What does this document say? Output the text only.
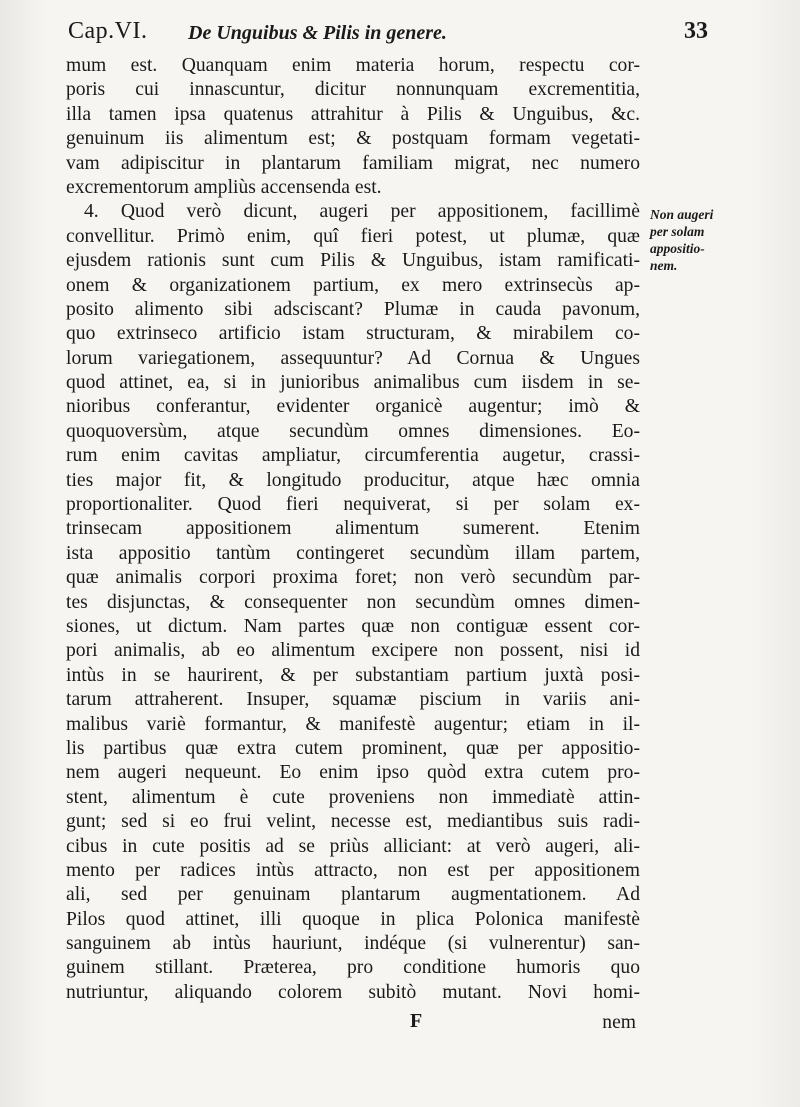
Cap.VI. De Unguibus & Pilis in genere.	33
mum est. Quanquam enim materia horum, respectu cor-
poris cui innascuntur, dicitur nonnunquam excrementitia,
illa tamen ipsa quatenus attrahitur à Pilis & Unguibus, &c.
genuinum iis alimentum est; & postquam formam vegetati-
vam adipiscitur in plantarum familiam migrat, nec numero
excrementorum ampliùs accensenda est.
4. Quod verò dicunt, augeri per appositionem, facillimè
convellitur. Primò enim, quî fieri potest, ut plumæ, quæ
ejusdem rationis sunt cum Pilis & Unguibus, istam ramificati-
onem & organizationem partium, ex mero extrinsecùs ap-
posito alimento sibi adsciscant? Plumæ in cauda pavonum,
quo extrinseco artificio istam structuram, & mirabilem co-
lorum variegationem, assequuntur? Ad Cornua & Ungues
quod attinet, ea, si in junioribus animalibus cum iisdem in se-
nioribus conferantur, evidenter organicè augentur; imò &
quoquoversùm, atque secundùm omnes dimensiones. Eo-
rum enim cavitas ampliatur, circumferentia augetur, crassi-
ties major fit, & longitudo producitur, atque hæc omnia
proportionaliter. Quod fieri nequiverat, si per solam ex-
trinsecam appositionem alimentum sumerent. Etenim
ista appositio tantùm contingeret secundùm illam partem,
quæ animalis corpori proxima foret; non verò secundùm par-
tes disjunctas, & consequenter non secundùm omnes dimen-
siones, ut dictum. Nam partes quæ non contiguæ essent cor-
pori animalis, ab eo alimentum excipere non possent, nisi id
intùs in se haurirent, & per substantiam partium juxtà posi-
tarum attraherent. Insuper, squamæ piscium in variis ani-
malibus variè formantur, & manifestè augentur; etiam in il-
lis partibus quæ extra cutem prominent, quæ per appositio-
nem augeri nequeunt. Eo enim ipso quòd extra cutem pro-
stent, alimentum è cute proveniens non immediatè attin-
gunt; sed si eo frui velint, necesse est, mediantibus suis radi-
cibus in cute positis ad se priùs alliciant: at verò augeri, ali-
mento per radices intùs attracto, non est per appositionem
ali, sed per genuinam plantarum augmentationem. Ad
Pilos quod attinet, illi quoque in plica Polonica manifestè
sanguinem ab intùs hauriunt, indéque (si vulnerentur) san-
guinem stillant. Præterea, pro conditione humoris quo
nutriuntur, aliquando colorem subitò mutant. Novi homi-
Non augeri
per solam
appositio-
nem.
F	nem
